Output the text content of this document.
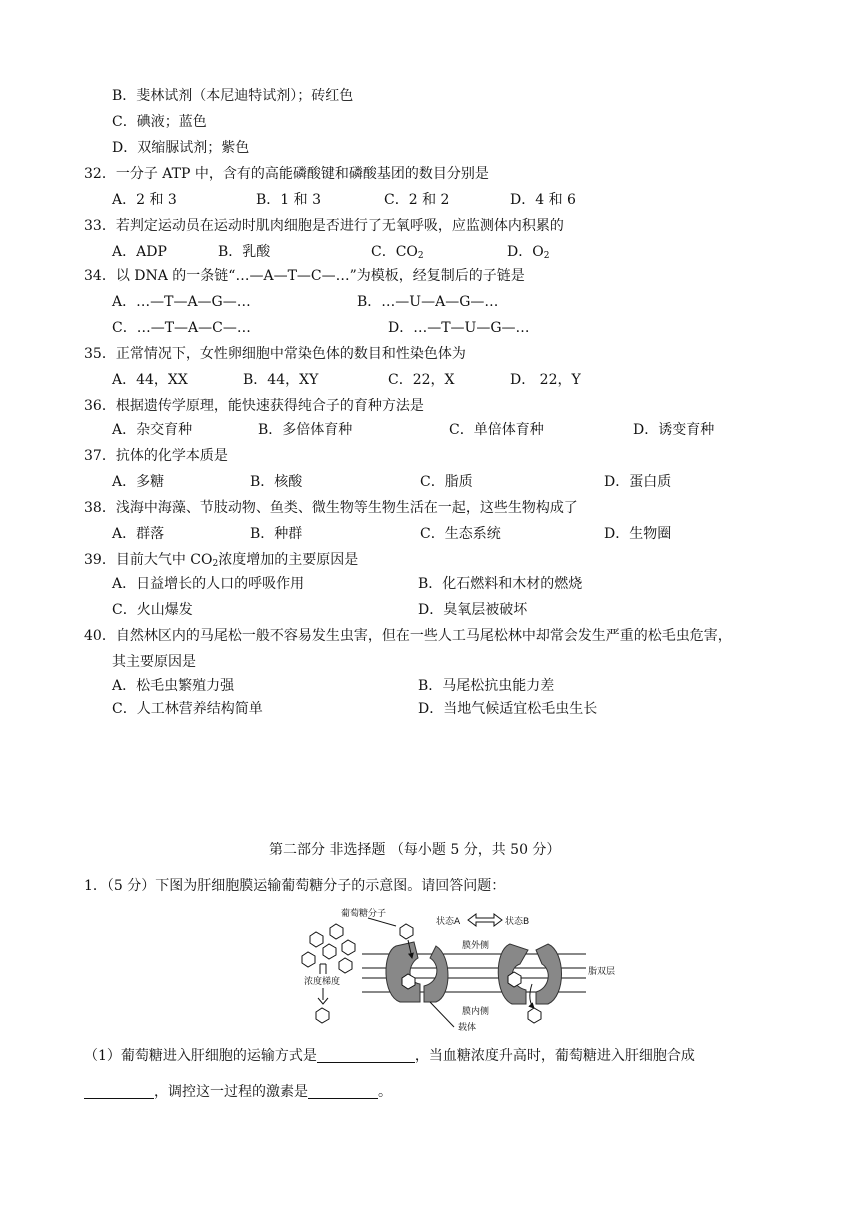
B．斐林试剂（本尼迪特试剂）；砖红色
C．碘液；蓝色
D．双缩脲试剂；紫色
32．一分子 ATP 中，含有的高能磷酸键和磷酸基团的数目分别是
A．2 和 3	B．1 和 3	C．2 和 2	D．4 和 6
33．若判定运动员在运动时肌肉细胞是否进行了无氧呼吸，应监测体内积累的
A．ADP	B．乳酸	C．$CO_2$	D．$O_2$
34．以 DNA 的一条链“…—A—T—C—…”为模板，经复制后的子链是
A．…—T—A—G—…	B．…—U—A—G—…
C．…—T—A—C—…	D．…—T—U—G—…
35．正常情况下，女性卵细胞中常染色体的数目和性染色体为
A．44，XX	B．44，XY	C．22，X	D． 22，Y
36．根据遗传学原理，能快速获得纯合子的育种方法是
A．杂交育种	B．多倍体育种	C．单倍体育种	D．诱变育种
37．抗体的化学本质是
A．多糖	B．核酸	C．脂质	D．蛋白质
38．浅海中海藻、节肢动物、鱼类、微生物等生物生活在一起，这些生物构成了
A．群落	B．种群	C．生态系统	D．生物圈
39．目前大气中 $CO_2$浓度增加的主要原因是
A．日益增长的人口的呼吸作用	B．化石燃料和木材的燃烧
C．火山爆发	D．臭氧层被破坏
40．自然林区内的马尾松一般不容易发生虫害，但在一些人工马尾松林中却常会发生严重的松毛虫危害，
其主要原因是
A．松毛虫繁殖力强	B．马尾松抗虫能力差
C．人工林营养结构简单	D．当地气候适宜松毛虫生长
第二部分 非选择题 （每小题 5 分，共 50 分）
1．（5 分）下图为肝细胞膜运输葡萄糖分子的示意图。请回答问题：
浓度梯度
葡萄糖分子
状态A	状态B
膜外侧
膜内侧
载体
脂双层
（1）葡萄糖进入肝细胞的运输方式是	，当血糖浓度升高时，葡萄糖进入肝细胞合成
，调控这一过程的激素是	。
